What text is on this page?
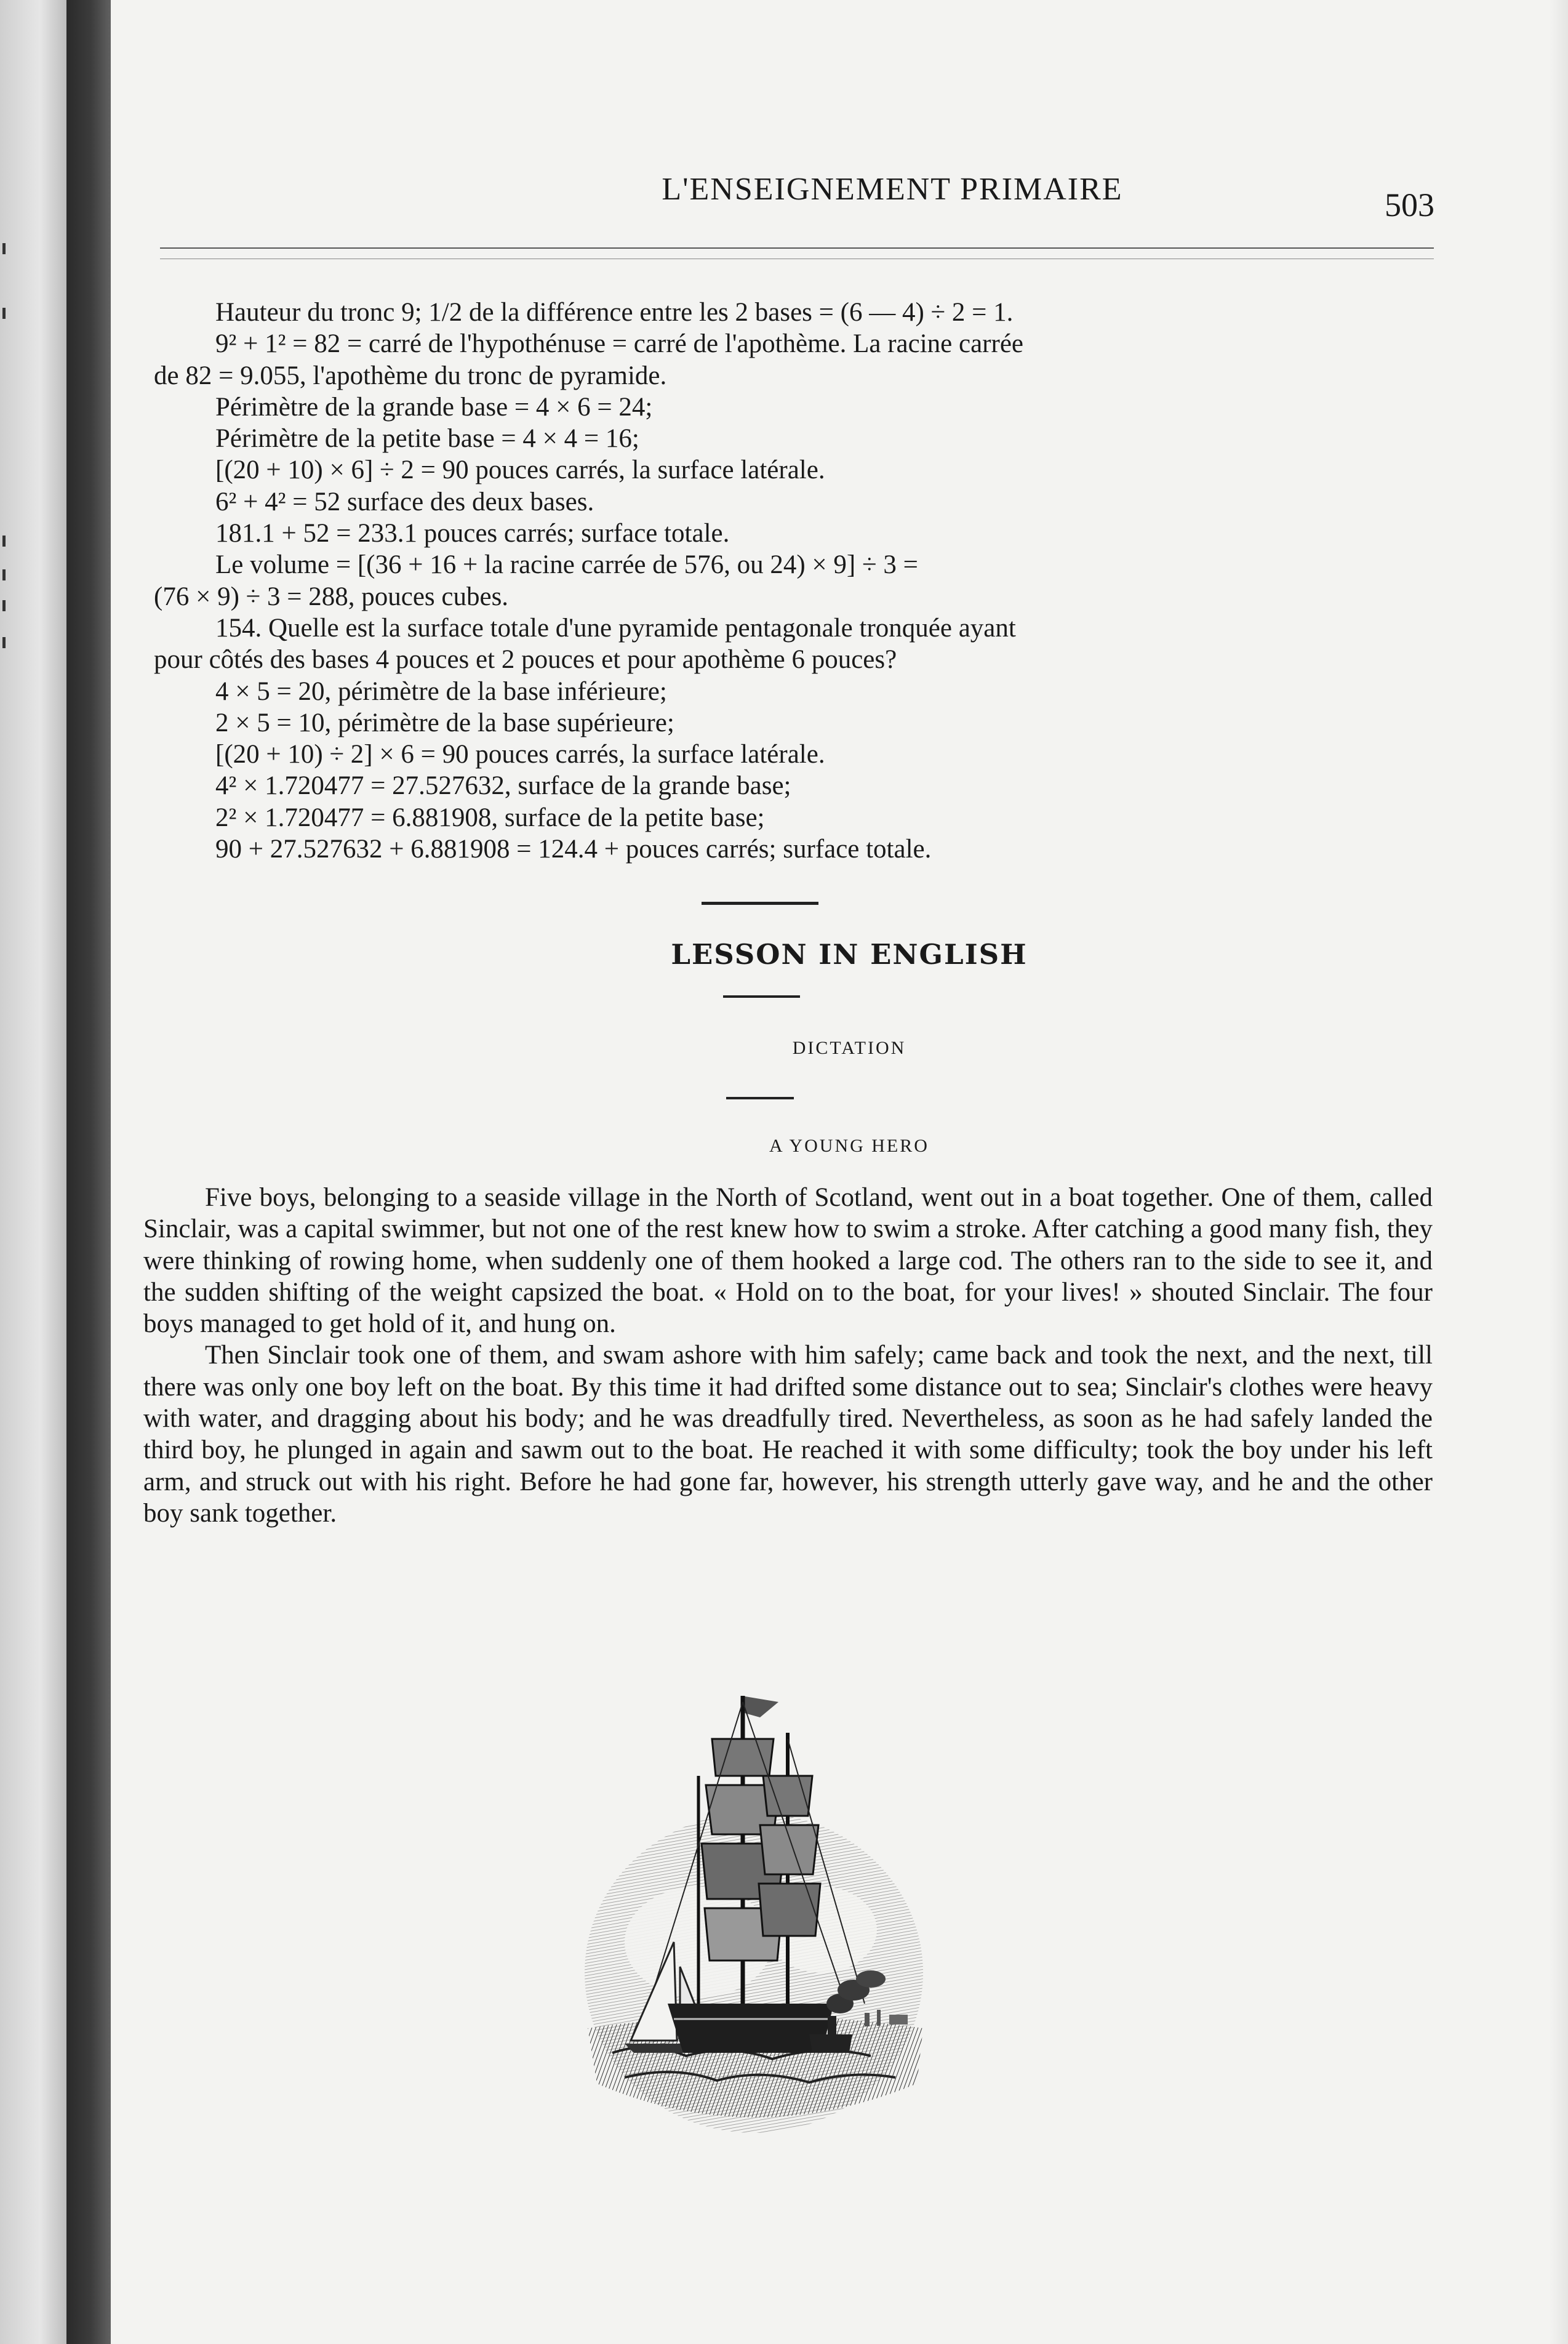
L'ENSEIGNEMENT PRIMAIRE	503

Hauteur du tronc 9; 1/2 de la différence entre les 2 bases = (6 — 4) ÷ 2 = 1.

9² + 1² = 82 = carré de l'hypothénuse = carré de l'apothème. La racine carrée

de 82 = 9.055, l'apothème du tronc de pyramide.

Périmètre de la grande base = 4 × 6 = 24;

Périmètre de la petite base = 4 × 4 = 16;

[(20 + 10) × 6] ÷ 2 = 90 pouces carrés, la surface latérale.

6² + 4² = 52 surface des deux bases.

181.1 + 52 = 233.1 pouces carrés; surface totale.

Le volume = [(36 + 16 + la racine carrée de 576, ou 24) × 9] ÷ 3 =

(76 × 9) ÷ 3 = 288, pouces cubes.

154. Quelle est la surface totale d'une pyramide pentagonale tronquée ayant

pour côtés des bases 4 pouces et 2 pouces et pour apothème 6 pouces?

4 × 5 = 20, périmètre de la base inférieure;

2 × 5 = 10, périmètre de la base supérieure;

[(20 + 10) ÷ 2] × 6 = 90 pouces carrés, la surface latérale.

4² × 1.720477 = 27.527632, surface de la grande base;

2² × 1.720477 = 6.881908, surface de la petite base;

90 + 27.527632 + 6.881908 = 124.4 + pouces carrés; surface totale.

LESSON IN ENGLISH
DICTATION
A YOUNG HERO

Five boys, belonging to a seaside village in the North of Scotland, went out in a boat together. One of them, called Sinclair, was a capital swimmer, but not one of the rest knew how to swim a stroke. After catching a good many fish, they were thinking of rowing home, when suddenly one of them hooked a large cod. The others ran to the side to see it, and the sudden shifting of the weight capsized the boat. « Hold on to the boat, for your lives! » shouted Sinclair. The four boys managed to get hold of it, and hung on.

Then Sinclair took one of them, and swam ashore with him safely; came back and took the next, and the next, till there was only one boy left on the boat. By this time it had drifted some distance out to sea; Sinclair's clothes were heavy with water, and dragging about his body; and he was dreadfully tired. Nevertheless, as soon as he had safely landed the third boy, he plunged in again and sawm out to the boat. He reached it with some difficulty; took the boy under his left arm, and struck out with his right. Before he had gone far, however, his strength utterly gave way, and he and the other boy sank together.
